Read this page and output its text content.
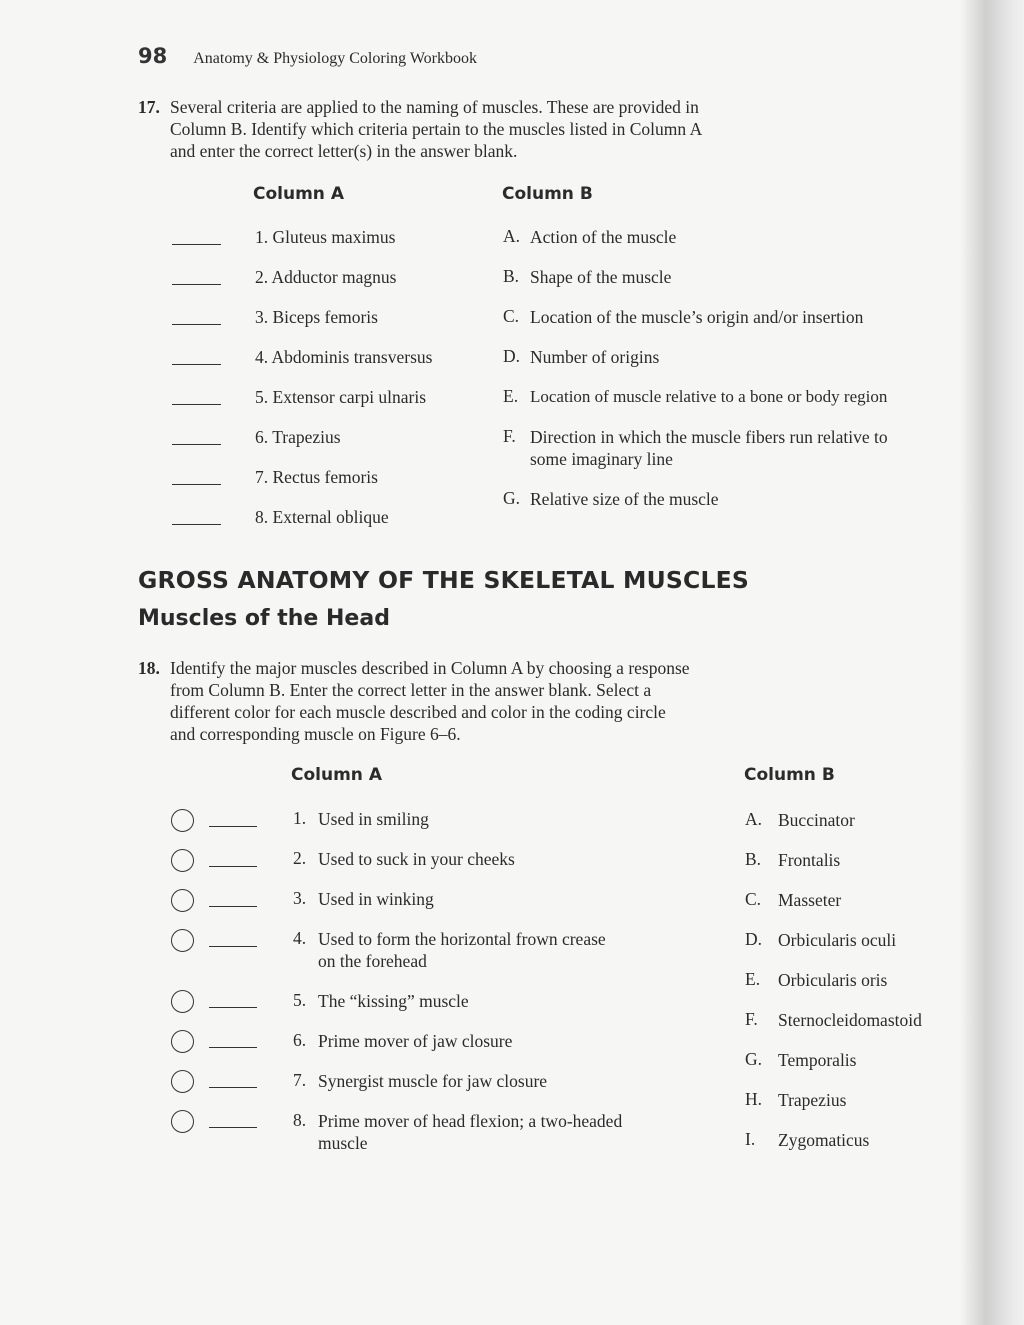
98 Anatomy & Physiology Coloring Workbook
17. Several criteria are applied to the naming of muscles. These are provided in
Column B. Identify which criteria pertain to the muscles listed in Column A
and enter the correct letter(s) in the answer blank.
Column A	Column B
1. Gluteus maximus
2. Adductor magnus
3. Biceps femoris
4. Abdominis transversus
5. Extensor carpi ulnaris
6. Trapezius
7. Rectus femoris
8. External oblique
A. Action of the muscle
B. Shape of the muscle
C. Location of the muscle’s origin and/or insertion
D. Number of origins
E. Location of muscle relative to a bone or body region
F. Direction in which the muscle fibers run relative to
some imaginary line
G. Relative size of the muscle
GROSS ANATOMY OF THE SKELETAL MUSCLES
Muscles of the Head
18. Identify the major muscles described in Column A by choosing a response
from Column B. Enter the correct letter in the answer blank. Select a
different color for each muscle described and color in the coding circle
and corresponding muscle on Figure 6–6.
Column A	Column B
1. Used in smiling
2. Used to suck in your cheeks
3. Used in winking
4. Used to form the horizontal frown crease
on the forehead
5. The “kissing” muscle
6. Prime mover of jaw closure
7. Synergist muscle for jaw closure
8. Prime mover of head flexion; a two-headed
muscle
A. Buccinator
B. Frontalis
C. Masseter
D. Orbicularis oculi
E. Orbicularis oris
F. Sternocleidomastoid
G. Temporalis
H. Trapezius
I. Zygomaticus
